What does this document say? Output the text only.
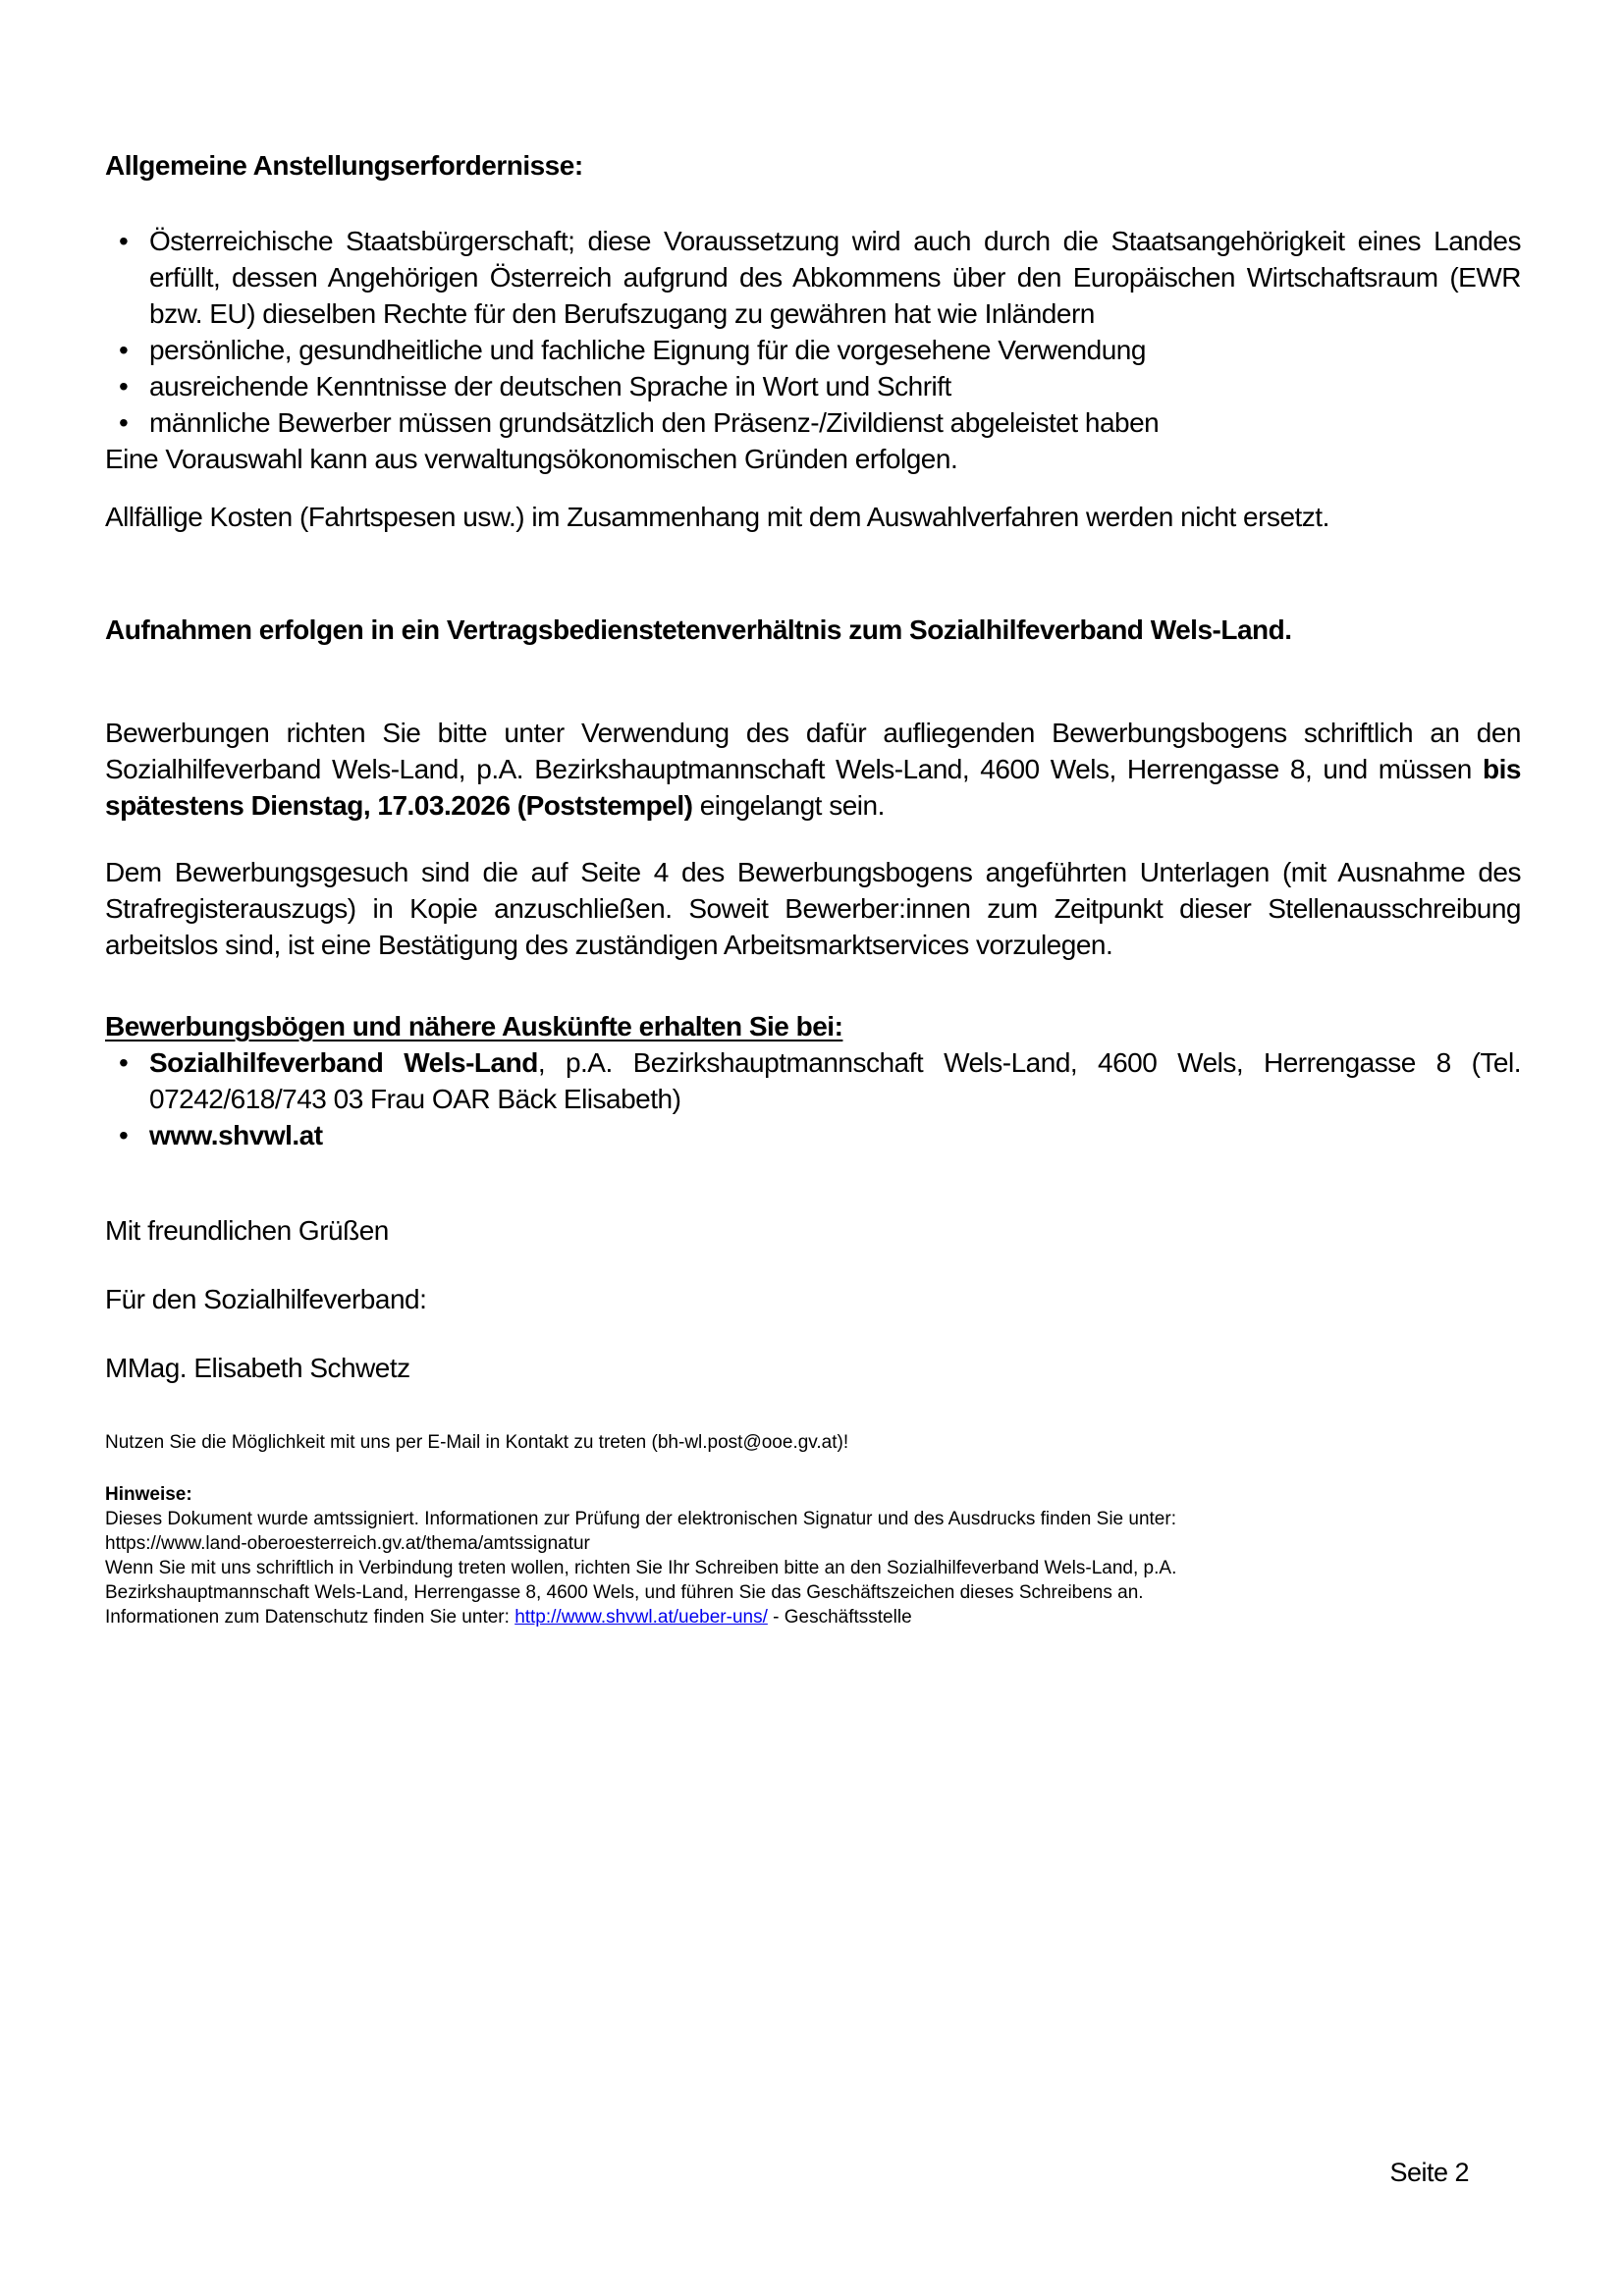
Allgemeine Anstellungserfordernisse:
• Österreichische Staatsbürgerschaft; diese Voraussetzung wird auch durch die Staatsangehörigkeit eines Landes erfüllt, dessen Angehörigen Österreich aufgrund des Abkommens über den Europäischen Wirtschaftsraum (EWR bzw. EU) dieselben Rechte für den Berufszugang zu gewähren hat wie Inländern
• persönliche, gesundheitliche und fachliche Eignung für die vorgesehene Verwendung
• ausreichende Kenntnisse der deutschen Sprache in Wort und Schrift
• männliche Bewerber müssen grundsätzlich den Präsenz-/Zivildienst abgeleistet haben

Eine Vorauswahl kann aus verwaltungsökonomischen Gründen erfolgen.

Allfällige Kosten (Fahrtspesen usw.) im Zusammenhang mit dem Auswahlverfahren werden nicht ersetzt.

Aufnahmen erfolgen in ein Vertragsbedienstetenverhältnis zum Sozialhilfeverband Wels-Land.

Bewerbungen richten Sie bitte unter Verwendung des dafür aufliegenden Bewerbungsbogens schriftlich an den Sozialhilfeverband Wels-Land, p.A. Bezirkshauptmannschaft Wels-Land, 4600 Wels, Herrengasse 8, und müssen bis spätestens Dienstag, 17.03.2026 (Poststempel) eingelangt sein.

Dem Bewerbungsgesuch sind die auf Seite 4 des Bewerbungsbogens angeführten Unterlagen (mit Ausnahme des Strafregisterauszugs) in Kopie anzuschließen. Soweit Bewerber:innen zum Zeitpunkt dieser Stellenausschreibung arbeitslos sind, ist eine Bestätigung des zuständigen Arbeitsmarktservices vorzulegen.

Bewerbungsbögen und nähere Auskünfte erhalten Sie bei:
• Sozialhilfeverband Wels-Land, p.A. Bezirkshauptmannschaft Wels-Land, 4600 Wels, Herrengasse 8 (Tel. 07242/618/743 03 Frau OAR Bäck Elisabeth)
• www.shvwl.at

Mit freundlichen Grüßen

Für den Sozialhilfeverband:

MMag. Elisabeth Schwetz

Nutzen Sie die Möglichkeit mit uns per E-Mail in Kontakt zu treten (bh-wl.post@ooe.gv.at)!

Hinweise:

Dieses Dokument wurde amtssigniert. Informationen zur Prüfung der elektronischen Signatur und des Ausdrucks finden Sie unter:

https://www.land-oberoesterreich.gv.at/thema/amtssignatur

Wenn Sie mit uns schriftlich in Verbindung treten wollen, richten Sie Ihr Schreiben bitte an den Sozialhilfeverband Wels-Land, p.A.

Bezirkshauptmannschaft Wels-Land, Herrengasse 8, 4600 Wels, und führen Sie das Geschäftszeichen dieses Schreibens an.

Informationen zum Datenschutz finden Sie unter: http://www.shvwl.at/ueber-uns/ - Geschäftsstelle

Seite 2
